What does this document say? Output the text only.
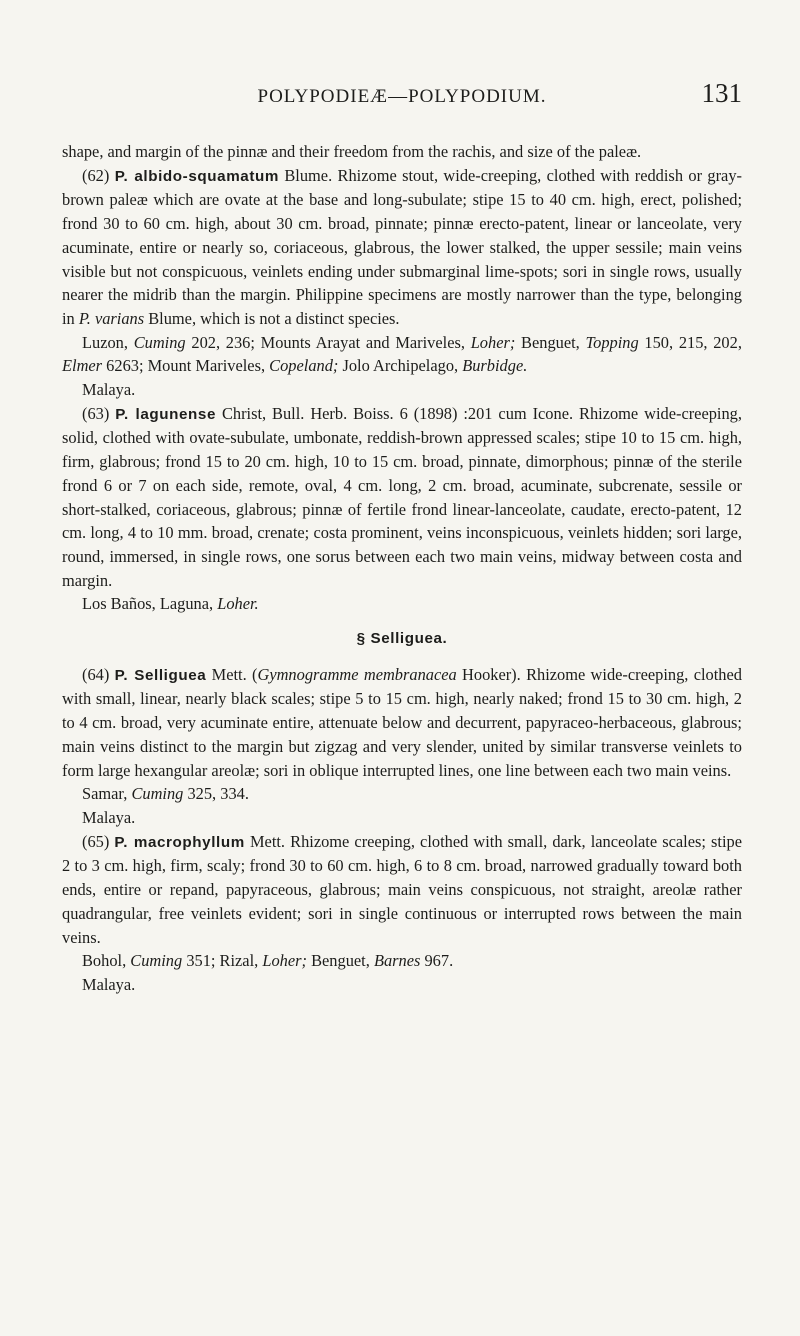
POLYPODIEÆ—POLYPODIUM.	131

shape, and margin of the pinnæ and their freedom from the rachis, and size of the paleæ.

(62) P. albido-squamatum Blume. Rhizome stout, wide-creeping, clothed with reddish or gray-brown paleæ which are ovate at the base and long-subulate; stipe 15 to 40 cm. high, erect, polished; frond 30 to 60 cm. high, about 30 cm. broad, pinnate; pinnæ erecto-patent, linear or lanceolate, very acuminate, entire or nearly so, coriaceous, glabrous, the lower stalked, the upper sessile; main veins visible but not conspicuous, veinlets ending under submarginal lime-spots; sori in single rows, usually nearer the midrib than the margin. Philippine specimens are mostly narrower than the type, belonging in P. varians Blume, which is not a distinct species.

Luzon, Cuming 202, 236; Mounts Arayat and Mariveles, Loher; Benguet, Topping 150, 215, 202, Elmer 6263; Mount Mariveles, Copeland; Jolo Archipelago, Burbidge.

Malaya.

(63) P. lagunense Christ, Bull. Herb. Boiss. 6 (1898) :201 cum Icone. Rhizome wide-creeping, solid, clothed with ovate-subulate, umbonate, reddish-brown appressed scales; stipe 10 to 15 cm. high, firm, glabrous; frond 15 to 20 cm. high, 10 to 15 cm. broad, pinnate, dimorphous; pinnæ of the sterile frond 6 or 7 on each side, remote, oval, 4 cm. long, 2 cm. broad, acuminate, subcrenate, sessile or short-stalked, coriaceous, glabrous; pinnæ of fertile frond linear-lanceolate, caudate, erecto-patent, 12 cm. long, 4 to 10 mm. broad, crenate; costa prominent, veins inconspicuous, veinlets hidden; sori large, round, immersed, in single rows, one sorus between each two main veins, midway between costa and margin.

Los Baños, Laguna, Loher.

§ Selliguea.

(64) P. Selliguea Mett. (Gymnogramme membranacea Hooker). Rhizome wide-creeping, clothed with small, linear, nearly black scales; stipe 5 to 15 cm. high, nearly naked; frond 15 to 30 cm. high, 2 to 4 cm. broad, very acuminate entire, attenuate below and decurrent, papyraceo-herbaceous, glabrous; main veins distinct to the margin but zigzag and very slender, united by similar transverse veinlets to form large hexangular areolæ; sori in oblique interrupted lines, one line between each two main veins.

Samar, Cuming 325, 334.

Malaya.

(65) P. macrophyllum Mett. Rhizome creeping, clothed with small, dark, lanceolate scales; stipe 2 to 3 cm. high, firm, scaly; frond 30 to 60 cm. high, 6 to 8 cm. broad, narrowed gradually toward both ends, entire or repand, papyraceous, glabrous; main veins conspicuous, not straight, areolæ rather quadrangular, free veinlets evident; sori in single continuous or interrupted rows between the main veins.

Bohol, Cuming 351; Rizal, Loher; Benguet, Barnes 967.

Malaya.
